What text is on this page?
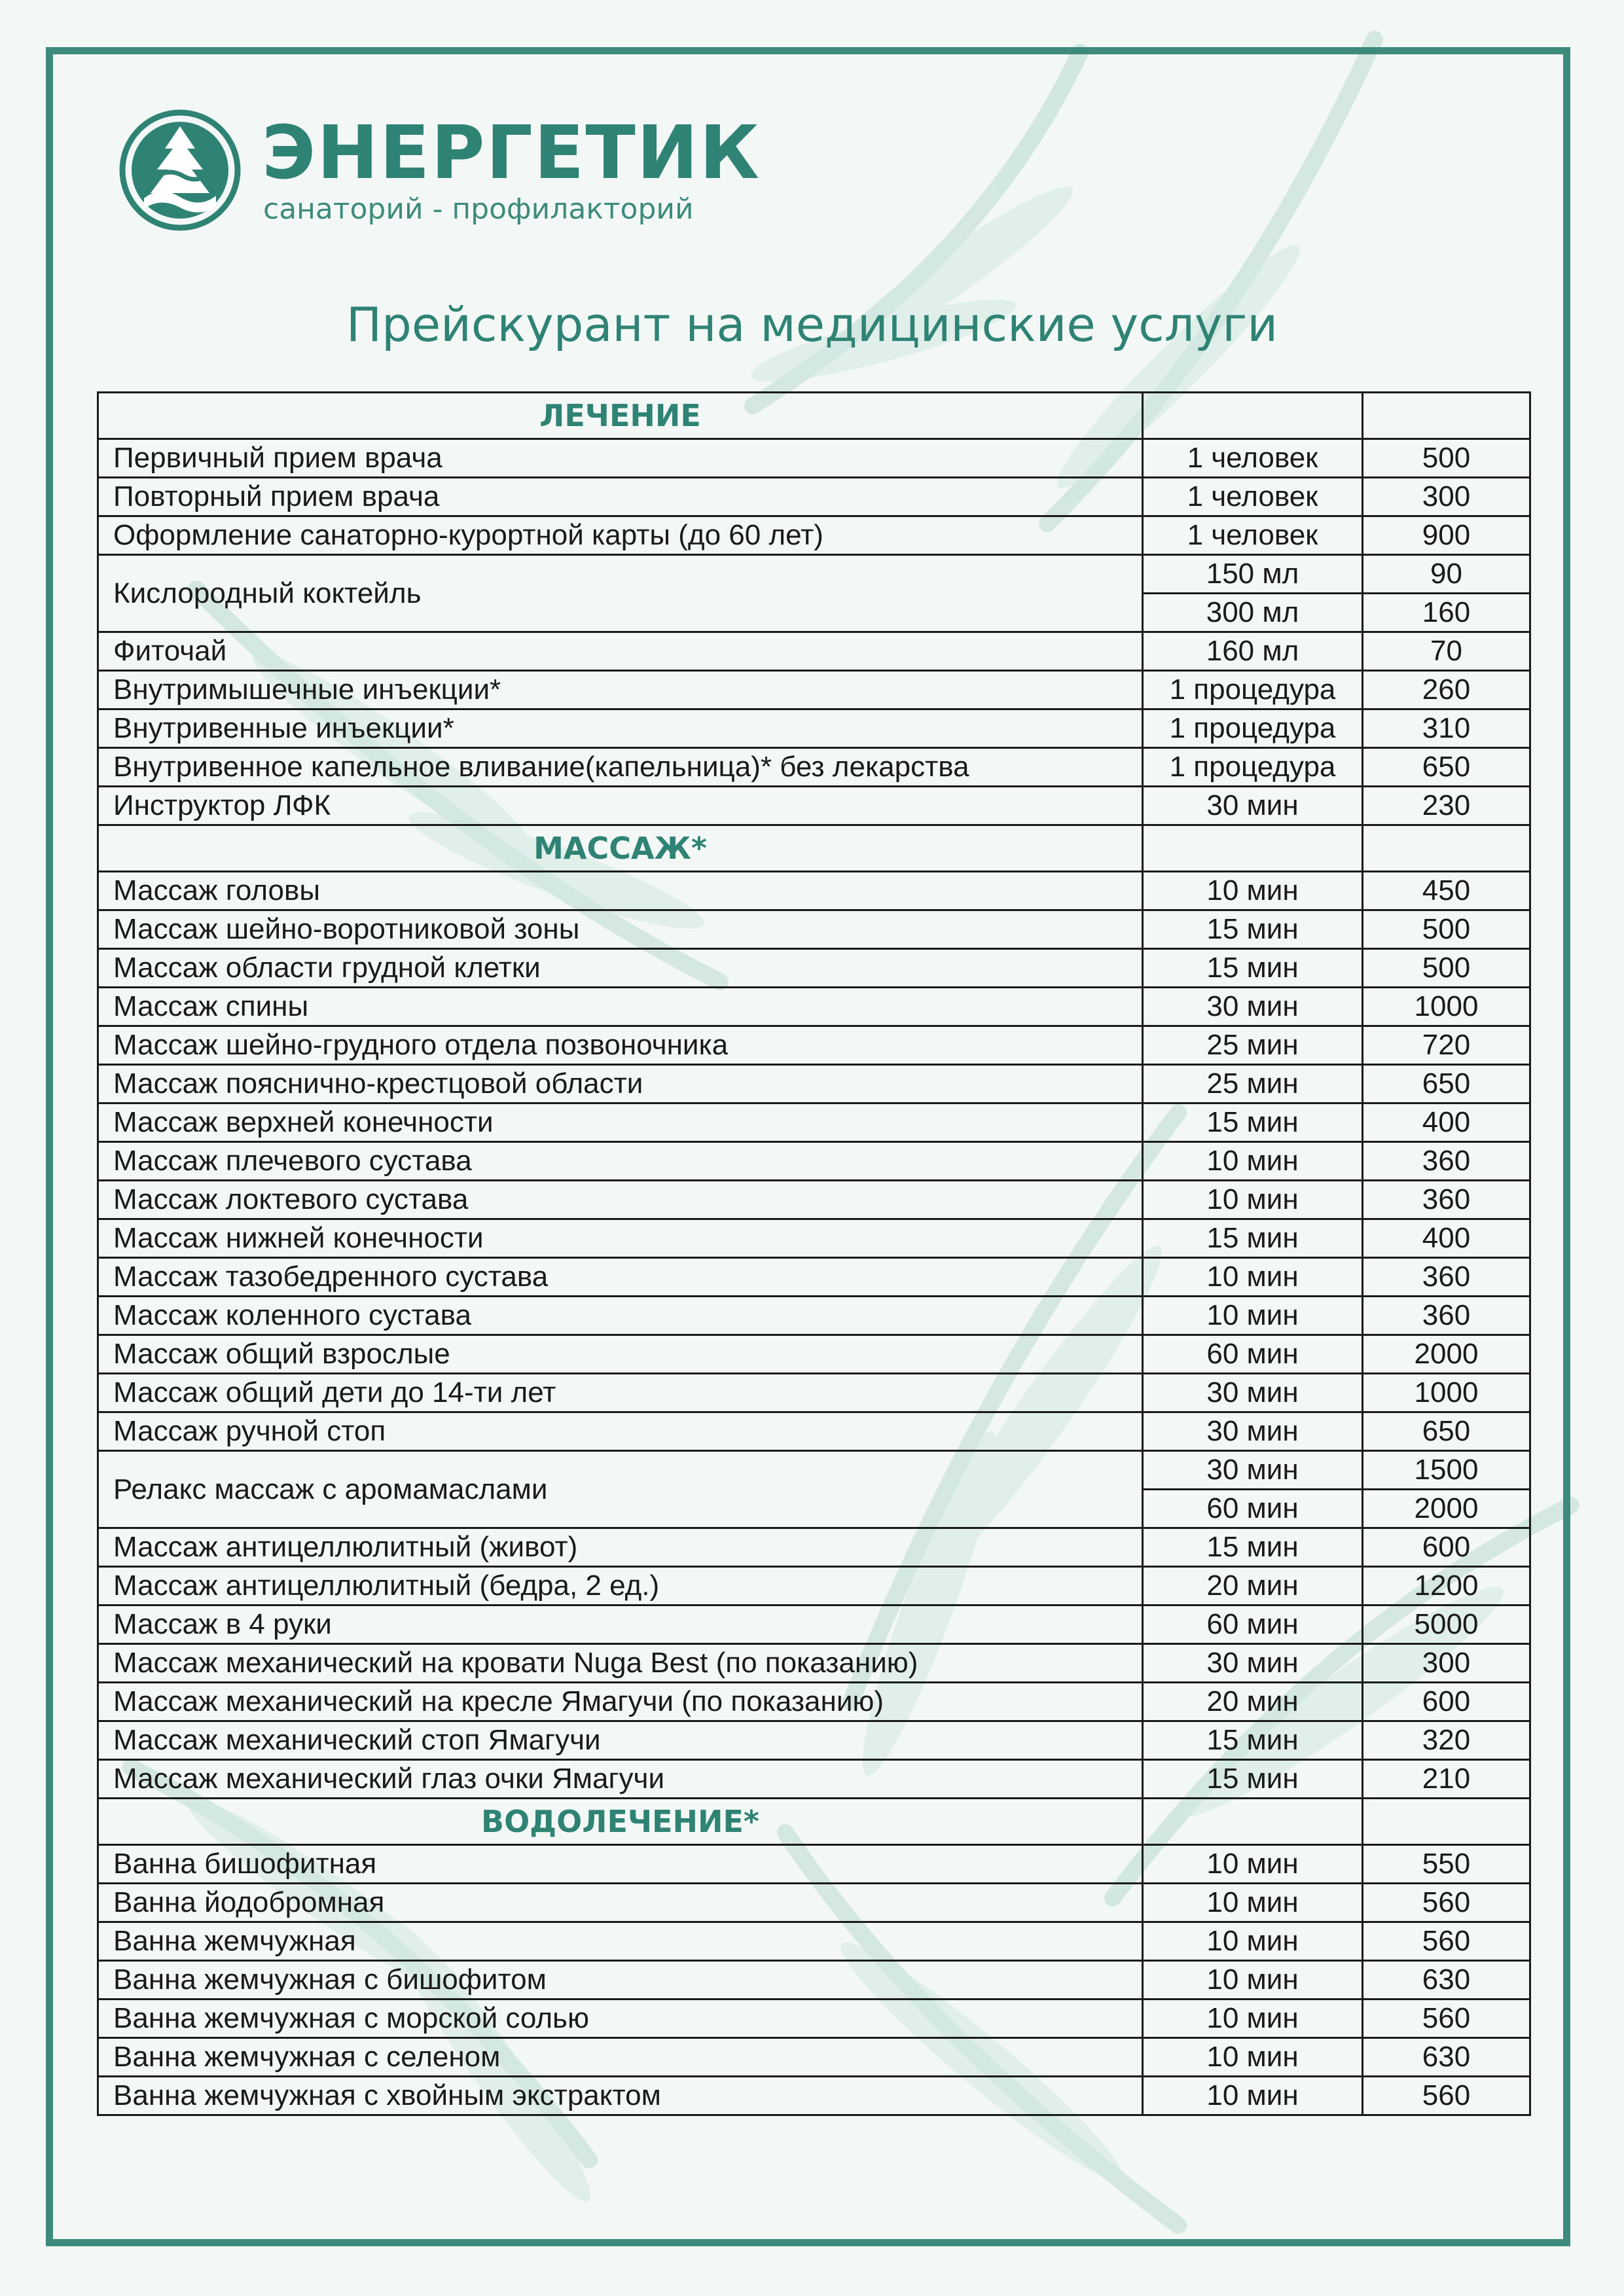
ЭНЕРГЕТИК
санаторий - профилакторий
Прейскурант на медицинские услуги
ЛЕЧЕНИЕ		
Первичный прием врача	1 человек	500
Повторный прием врача	1 человек	300
Оформление санаторно-курортной карты (до 60 лет)	1 человек	900
Кислородный коктейль	150 мл	90
	300 мл	160
Фиточай	160 мл	70
Внутримышечные инъекции*	1 процедура	260
Внутривенные инъекции*	1 процедура	310
Внутривенное капельное вливание(капельница)* без лекарства	1 процедура	650
Инструктор ЛФК	30 мин	230
МАССАЖ*		
Массаж головы	10 мин	450
Массаж шейно-воротниковой зоны	15 мин	500
Массаж области грудной клетки	15 мин	500
Массаж спины	30 мин	1000
Массаж шейно-грудного отдела позвоночника	25 мин	720
Массаж пояснично-крестцовой области	25 мин	650
Массаж верхней конечности	15 мин	400
Массаж плечевого сустава	10 мин	360
Массаж локтевого сустава	10 мин	360
Массаж нижней конечности	15 мин	400
Массаж тазобедренного сустава	10 мин	360
Массаж коленного сустава	10 мин	360
Массаж общий взрослые	60 мин	2000
Массаж общий дети до 14-ти лет	30 мин	1000
Массаж ручной стоп	30 мин	650
Релакс массаж с аромамаслами	30 мин	1500
	60 мин	2000
Массаж антицеллюлитный (живот)	15 мин	600
Массаж антицеллюлитный (бедра, 2 ед.)	20 мин	1200
Массаж в 4 руки	60 мин	5000
Массаж механический на кровати Nuga Best (по показанию)	30 мин	300
Массаж механический на кресле Ямагучи (по показанию)	20 мин	600
Массаж механический стоп Ямагучи	15 мин	320
Массаж механический глаз очки Ямагучи	15 мин	210
ВОДОЛЕЧЕНИЕ*		
Ванна бишофитная	10 мин	550
Ванна йодобромная	10 мин	560
Ванна жемчужная	10 мин	560
Ванна жемчужная с бишофитом	10 мин	630
Ванна жемчужная с морской солью	10 мин	560
Ванна жемчужная с селеном	10 мин	630
Ванна жемчужная с хвойным экстрактом	10 мин	560
